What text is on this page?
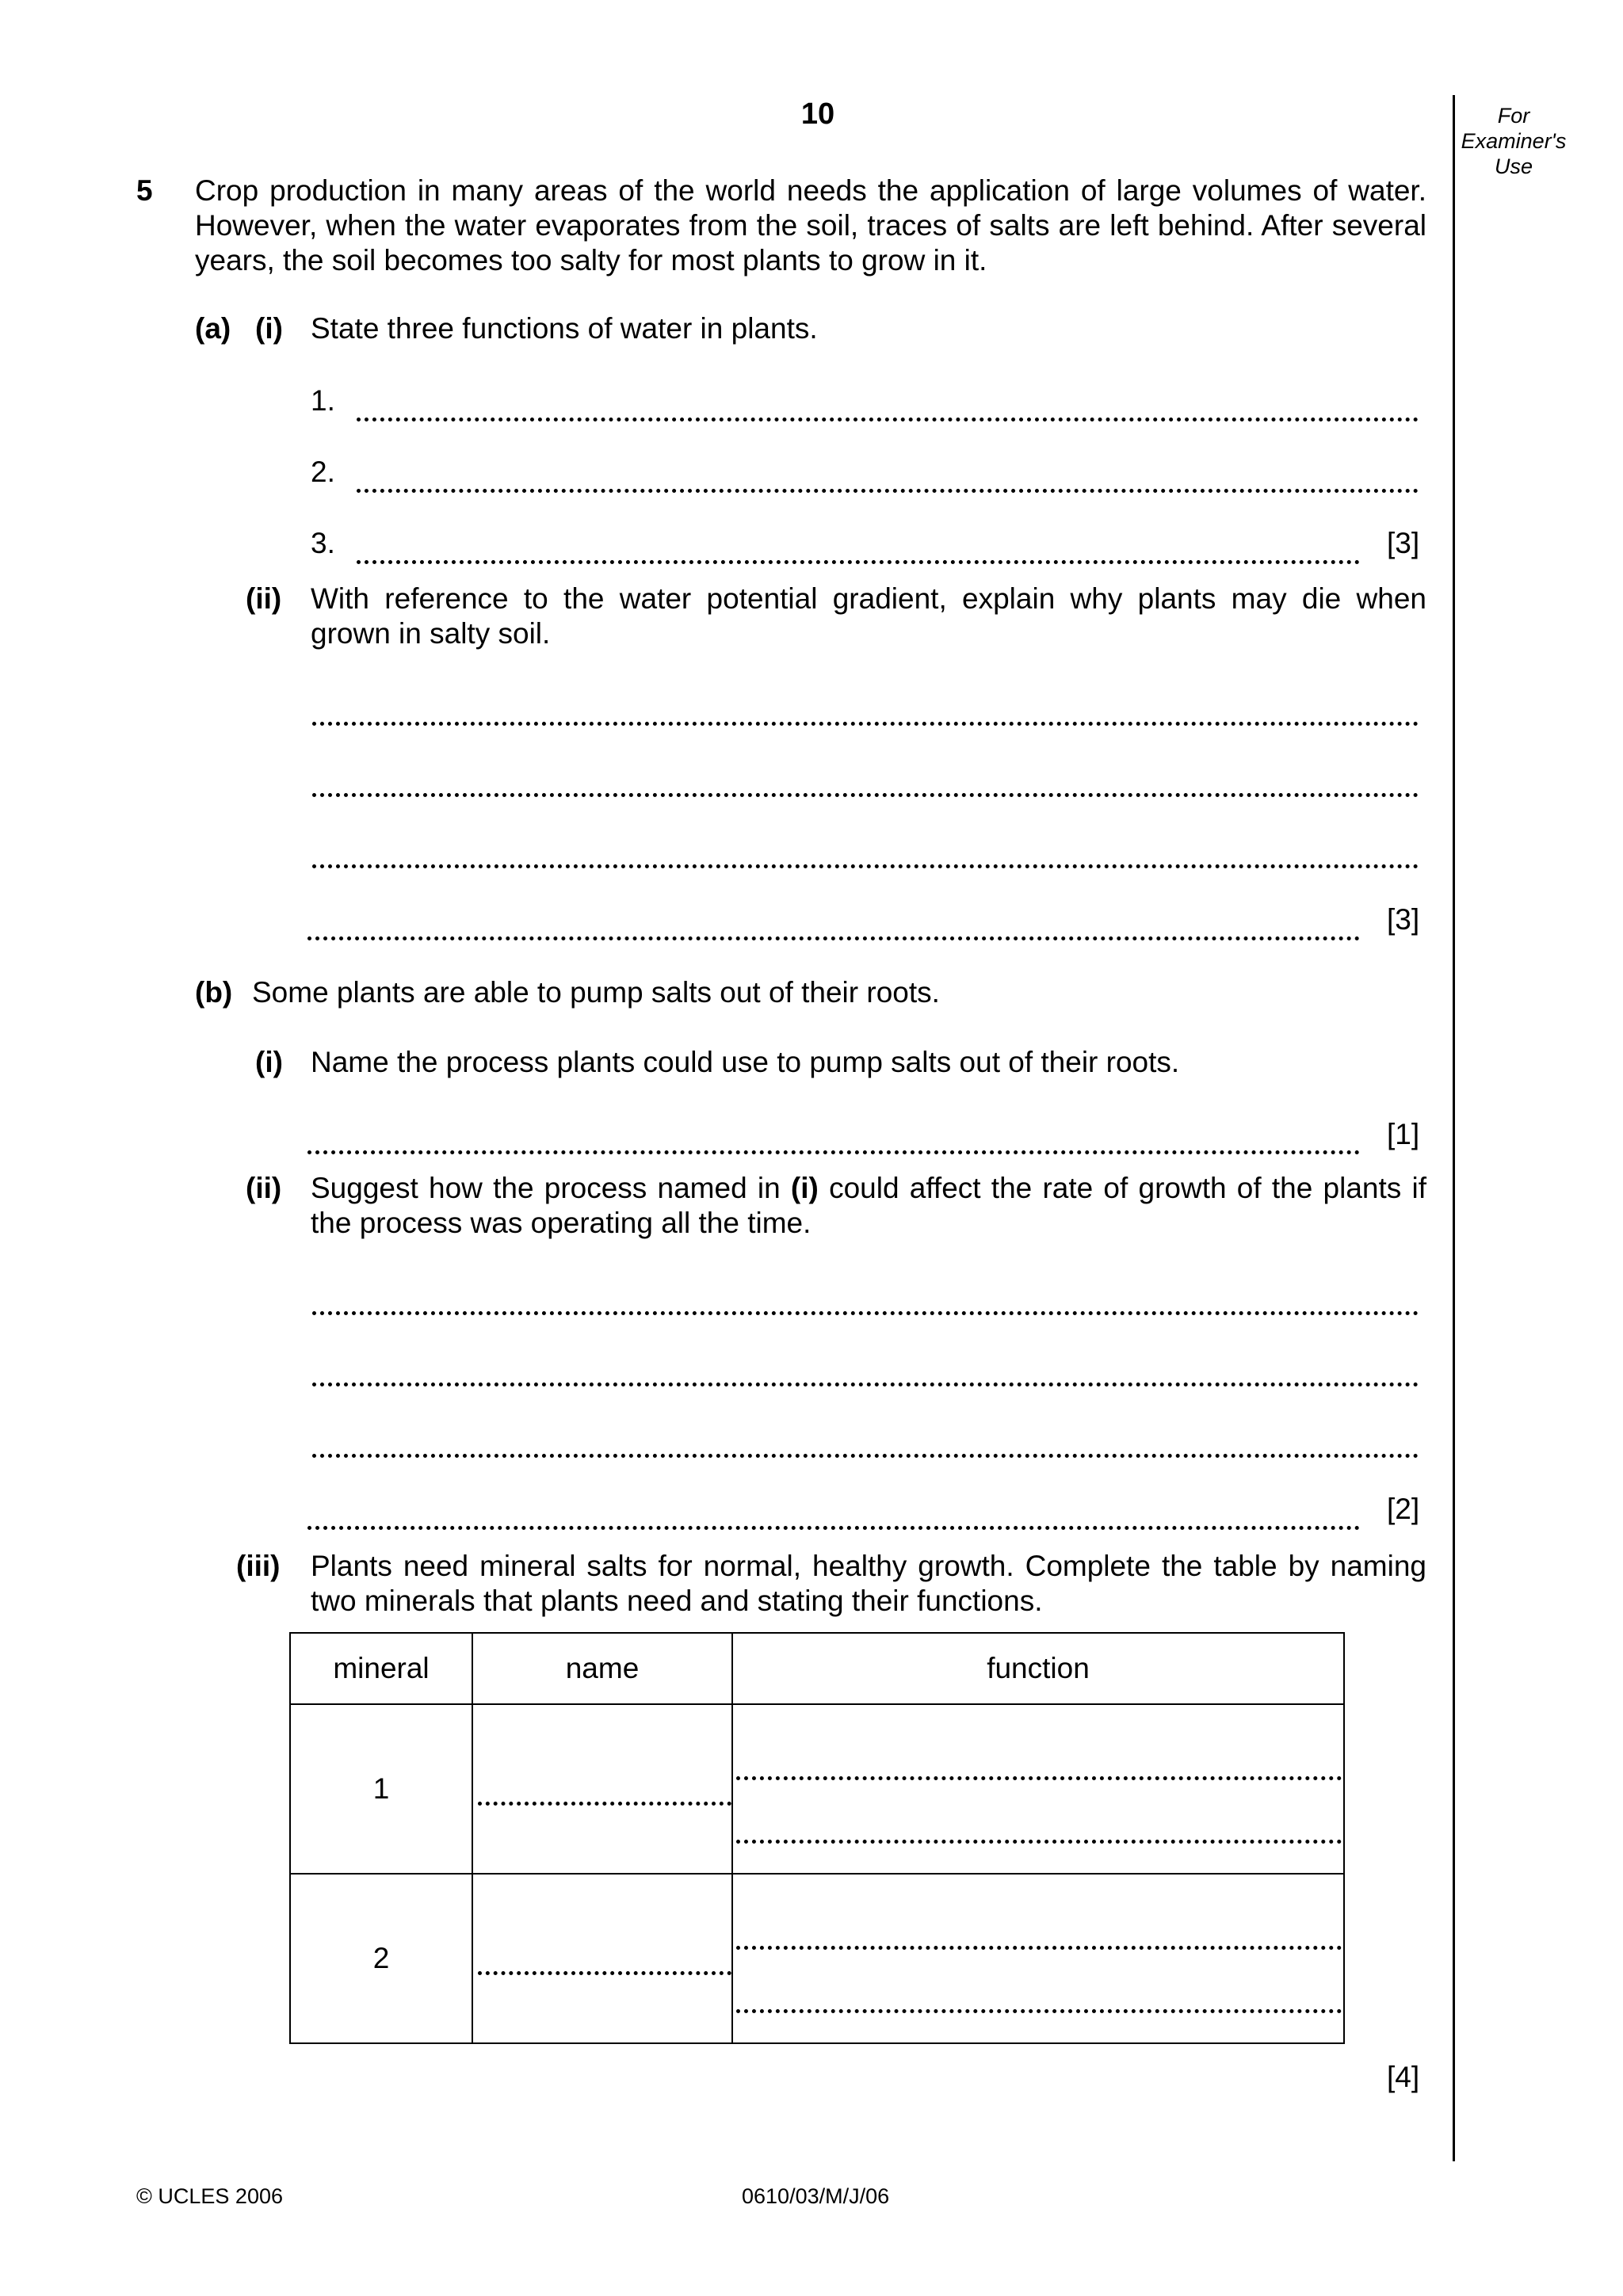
10	For
Examiner's
Use
5 Crop production in many areas of the world needs the application of large volumes of water. However, when the water evaporates from the soil, traces of salts are left behind. After several years, the soil becomes too salty for most plants to grow in it.
(a) (i) State three functions of water in plants.
1.
2.
3.	[3]
(ii) With reference to the water potential gradient, explain why plants may die when grown in salty soil.
[3]
(b) Some plants are able to pump salts out of their roots.
(i) Name the process plants could use to pump salts out of their roots.
[1]
(ii) Suggest how the process named in (i) could affect the rate of growth of the plants if the process was operating all the time.
[2]
(iii) Plants need mineral salts for normal, healthy growth. Complete the table by naming two minerals that plants need and stating their functions.
mineral	name	function
1	

2	

[4]
© UCLES 2006	0610/03/M/J/06
